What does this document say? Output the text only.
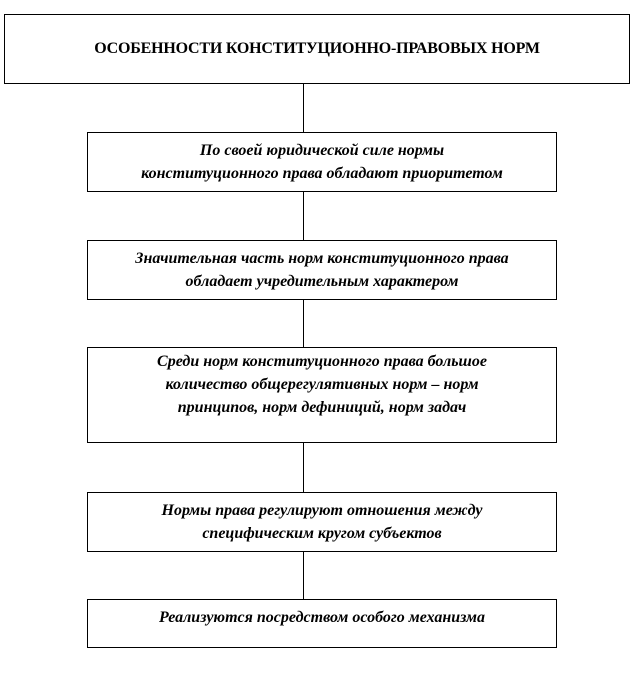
ОСОБЕННОСТИ КОНСТИТУЦИОННО-ПРАВОВЫХ НОРМ
По своей юридической силе нормы
конституционного права обладают приоритетом
Значительная часть норм конституционного права
обладает учредительным характером
Среди норм конституционного права большое
количество общерегулятивных норм – норм
принципов, норм дефиниций, норм задач
Нормы права регулируют отношения между
специфическим кругом субъектов
Реализуются посредством особого механизма
